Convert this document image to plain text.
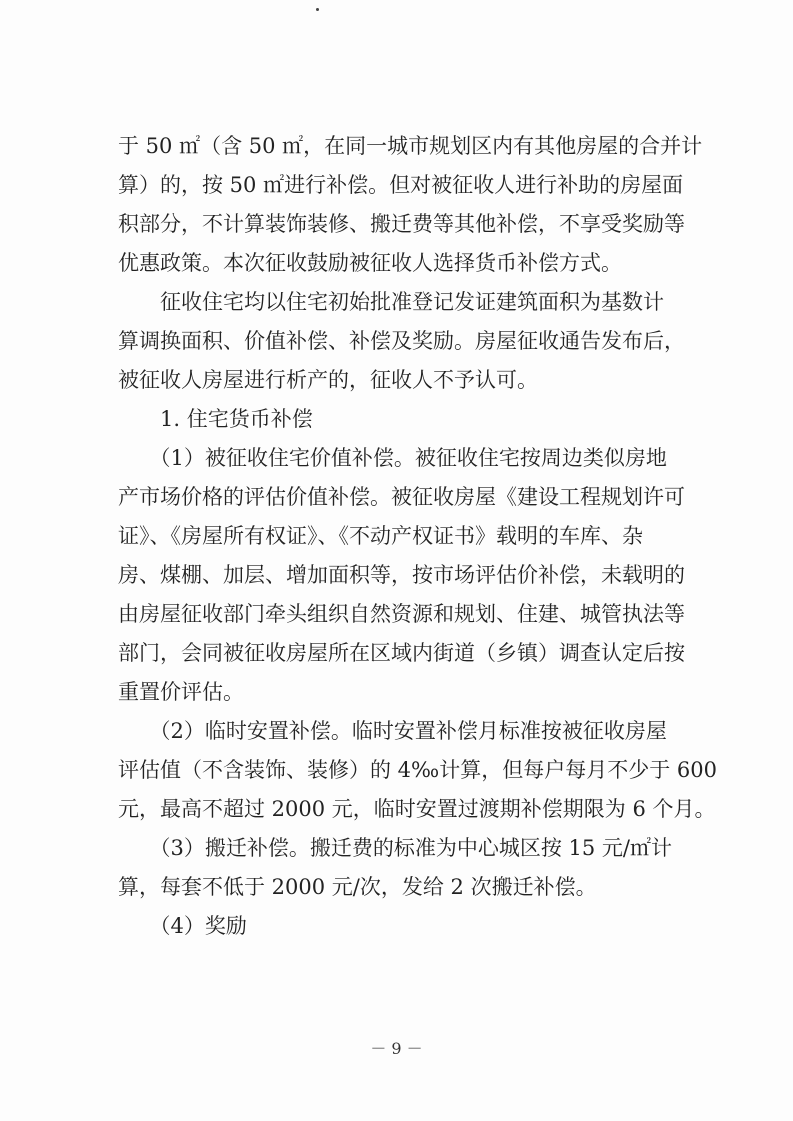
于 50 ㎡（含 50 ㎡，在同一城市规划区内有其他房屋的合并计
算）的，按 50 ㎡进行补偿。但对被征收人进行补助的房屋面
积部分，不计算装饰装修、搬迁费等其他补偿，不享受奖励等
优惠政策。本次征收鼓励被征收人选择货币补偿方式。
　　征收住宅均以住宅初始批准登记发证建筑面积为基数计
算调换面积、价值补偿、补偿及奖励。房屋征收通告发布后，
被征收人房屋进行析产的，征收人不予认可。
　　1. 住宅货币补偿
　　（1）被征收住宅价值补偿。被征收住宅按周边类似房地
产市场价格的评估价值补偿。被征收房屋《建设工程规划许可
证》、《房屋所有权证》、《不动产权证书》载明的车库、杂
房、煤棚、加层、增加面积等，按市场评估价补偿，未载明的
由房屋征收部门牵头组织自然资源和规划、住建、城管执法等
部门，会同被征收房屋所在区域内街道（乡镇）调查认定后按
重置价评估。
　　（2）临时安置补偿。临时安置补偿月标准按被征收房屋
评估值（不含装饰、装修）的 4‰计算，但每户每月不少于 600
元，最高不超过 2000 元，临时安置过渡期补偿期限为 6 个月。
　　（3）搬迁补偿。搬迁费的标准为中心城区按 15 元/㎡计
算，每套不低于 2000 元/次，发给 2 次搬迁补偿。
　　（4）奖励
－ 9 －
